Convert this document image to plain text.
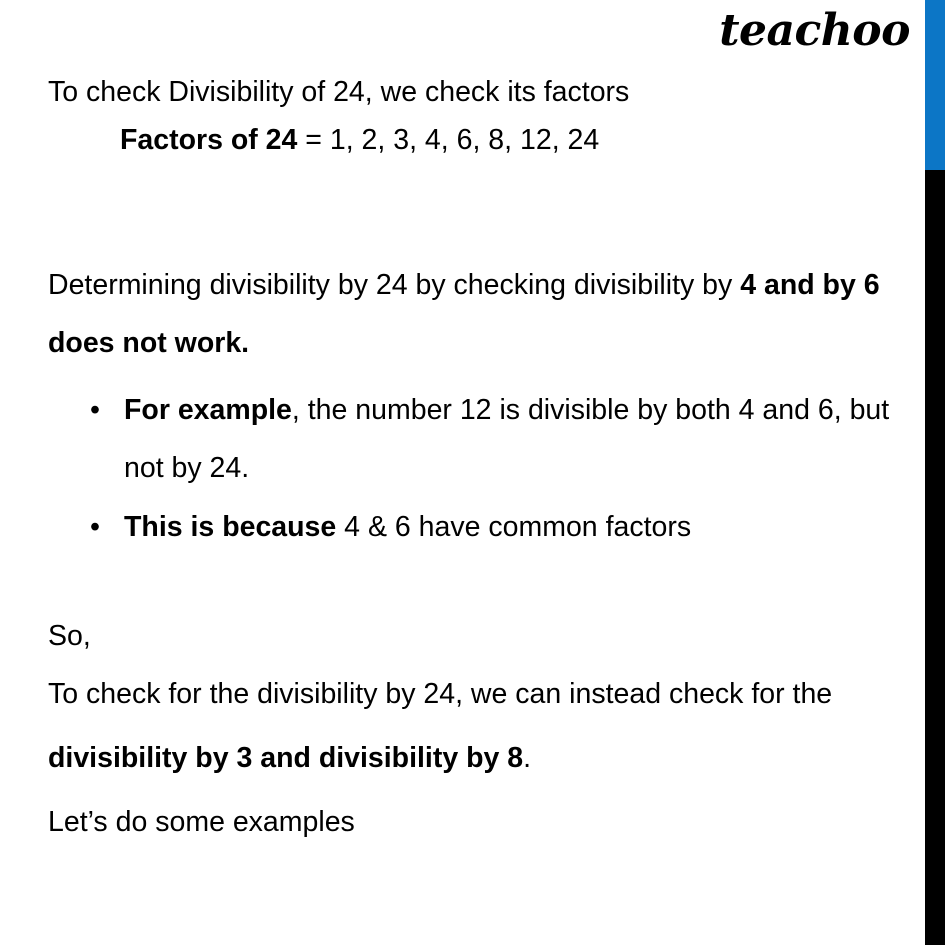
teachoo
To check Divisibility of 24, we check its factors
Factors of 24 = 1, 2, 3, 4, 6, 8, 12, 24
Determining divisibility by 24 by checking divisibility by 4 and by 6 does not work.
• For example, the number 12 is divisible by both 4 and 6, but not by 24.
• This is because 4 & 6 have common factors
So,
To check for the divisibility by 24, we can instead check for the
divisibility by 3 and divisibility by 8.
Let’s do some examples
